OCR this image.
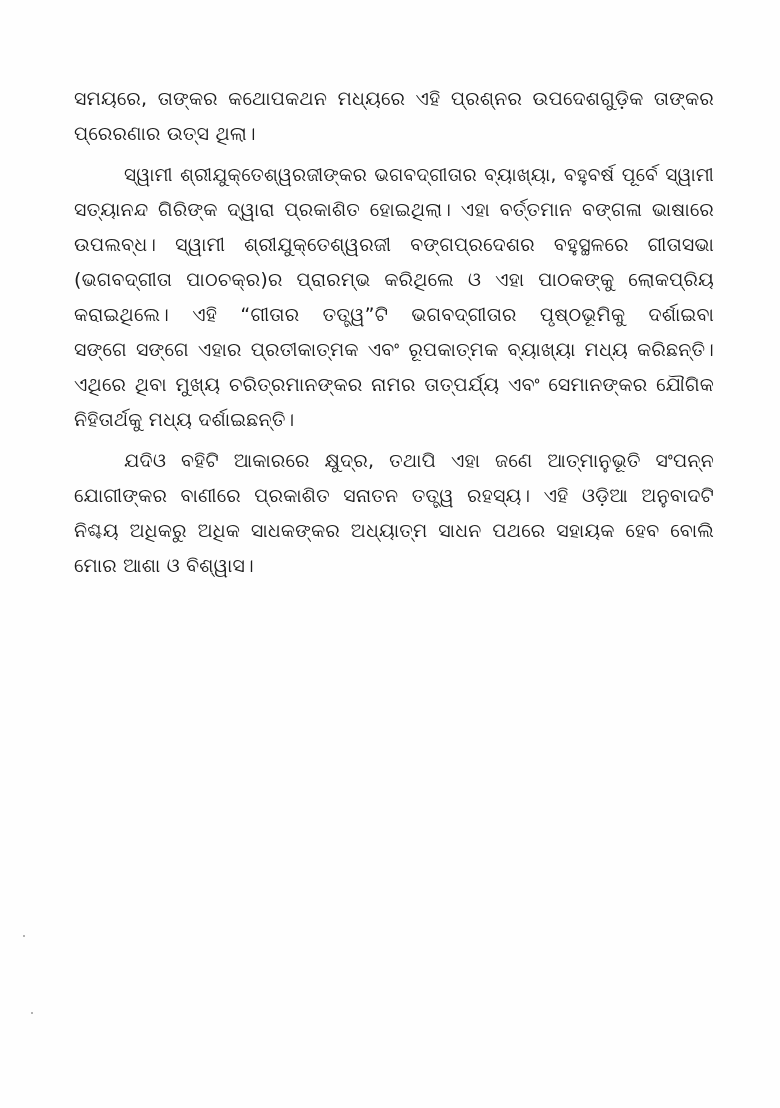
ସମୟରେ, ତାଙ୍କର କଥୋପକଥନ ମଧ୍ୟରେ ଏହି ପ୍ରଶ୍ନର ଉପଦେଶଗୁଡ଼ିକ ତାଙ୍କର
ପ୍ରେରଣାର ଉତ୍ସ ଥିଲା।
ସ୍ୱାମୀ ଶ୍ରୀଯୁକ୍ତେଶ୍ୱରଜୀଙ୍କର ଭଗବଦ୍‌ଗୀତାର ବ୍ୟାଖ୍ୟା, ବହୁବର୍ଷ ପୂର୍ବେ ସ୍ୱାମୀ
ସତ୍ୟାନନ୍ଦ ଗିରିଙ୍କ ଦ୍ୱାରା ପ୍ରକାଶିତ ହୋଇଥିଲା। ଏହା ବର୍ତ୍ତମାନ ବଙ୍ଗଳା ଭାଷାରେ
ଉପଲବ୍ଧ। ସ୍ୱାମୀ ଶ୍ରୀଯୁକ୍ତେଶ୍ୱରଜୀ ବଙ୍ଗପ୍ରଦେଶର ବହୁସ୍ଥଳରେ ଗୀତାସଭା
(ଭଗବଦ୍‌ଗୀତା ପାଠଚକ୍ର)ର ପ୍ରାରମ୍ଭ କରିଥିଲେ ଓ ଏହା ପାଠକଙ୍କୁ ଲୋକପ୍ରିୟ
କରାଇଥିଲେ। ଏହି “ଗୀତାର ତତ୍ତ୍ୱ”ଟି ଭଗବଦ୍‌ଗୀତାର ପୃଷ୍ଠଭୂମିକୁ ଦର୍ଶାଇବା
ସଙ୍ଗେ ସଙ୍ଗେ ଏହାର ପ୍ରତୀକାତ୍ମକ ଏବଂ ରୂପକାତ୍ମକ ବ୍ୟାଖ୍ୟା ମଧ୍ୟ କରିଛନ୍ତି।
ଏଥିରେ ଥିବା ମୁଖ୍ୟ ଚରିତ୍ରମାନଙ୍କର ନାମର ତାତ୍ପର୍ଯ୍ୟ ଏବଂ ସେମାନଙ୍କର ଯୌଗିକ
ନିହିତାର୍ଥକୁ ମଧ୍ୟ ଦର୍ଶାଇଛନ୍ତି।
ଯଦିଓ ବହିଟି ଆକାରରେ କ୍ଷୁଦ୍ର, ତଥାପି ଏହା ଜଣେ ଆତ୍ମାନୁଭୂତି ସଂପନ୍ନ
ଯୋଗୀଙ୍କର ବାଣୀରେ ପ୍ରକାଶିତ ସନାତନ ତତ୍ତ୍ୱ ରହସ୍ୟ। ଏହି ଓଡ଼ିଆ ଅନୁବାଦଟି
ନିଶ୍ଚୟ ଅଧିକରୁ ଅଧିକ ସାଧକଙ୍କର ଅଧ୍ୟାତ୍ମ ସାଧନ ପଥରେ ସହାୟକ ହେବ ବୋଲି
ମୋର ଆଶା ଓ ବିଶ୍ୱାସ।
